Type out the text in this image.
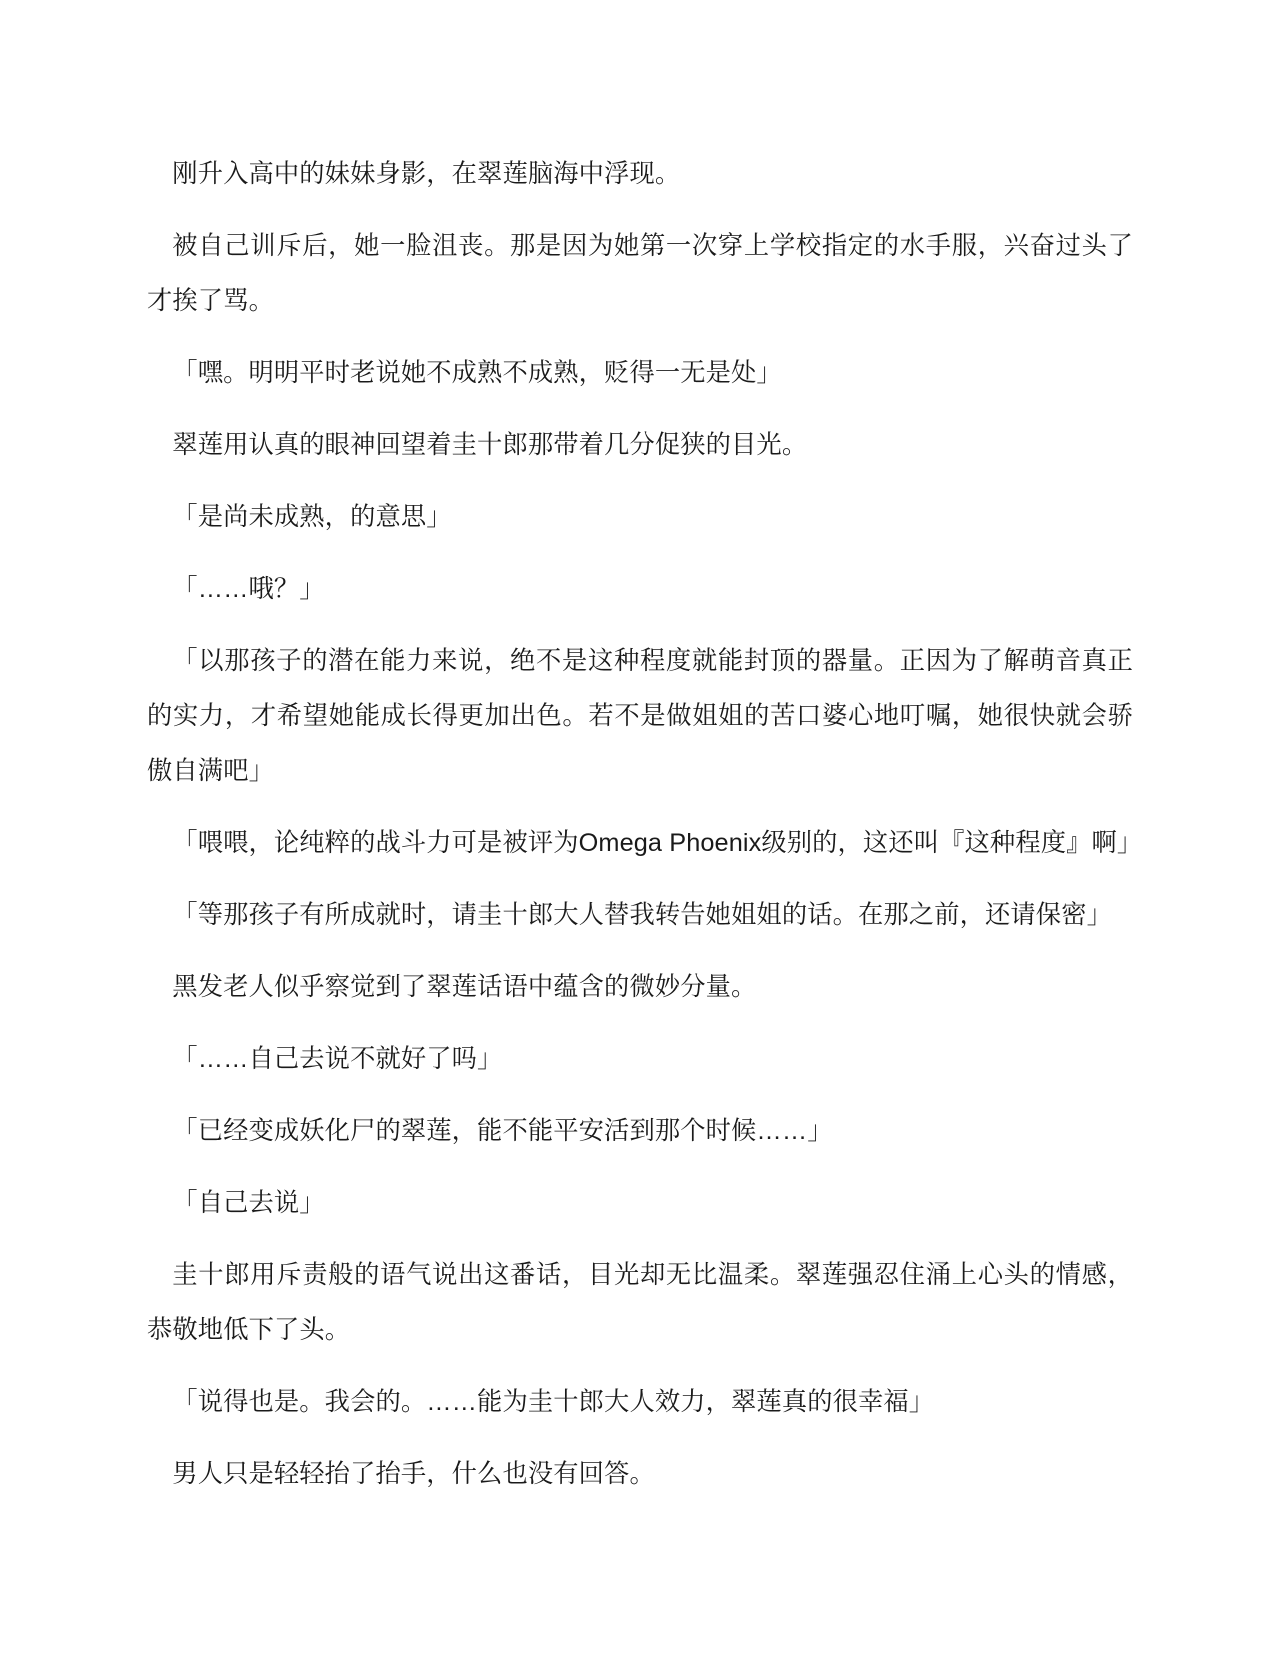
刚升入高中的妹妹身影，在翠莲脑海中浮现。

被自己训斥后，她一脸沮丧。那是因为她第一次穿上学校指定的水手服，兴奋过头了才挨了骂。

「嘿。明明平时老说她不成熟不成熟，贬得一无是处」

翠莲用认真的眼神回望着圭十郎那带着几分促狭的目光。

「是尚未成熟，的意思」

「……哦？」

「以那孩子的潜在能力来说，绝不是这种程度就能封顶的器量。正因为了解萌音真正的实力，才希望她能成长得更加出色。若不是做姐姐的苦口婆心地叮嘱，她很快就会骄傲自满吧」

「喂喂，论纯粹的战斗力可是被评为Omega Phoenix级别的，这还叫『这种程度』啊」

「等那孩子有所成就时，请圭十郎大人替我转告她姐姐的话。在那之前，还请保密」

黑发老人似乎察觉到了翠莲话语中蕴含的微妙分量。

「……自己去说不就好了吗」

「已经变成妖化尸的翠莲，能不能平安活到那个时候……」

「自己去说」

圭十郎用斥责般的语气说出这番话，目光却无比温柔。翠莲强忍住涌上心头的情感，恭敬地低下了头。

「说得也是。我会的。……能为圭十郎大人效力，翠莲真的很幸福」

男人只是轻轻抬了抬手，什么也没有回答。
